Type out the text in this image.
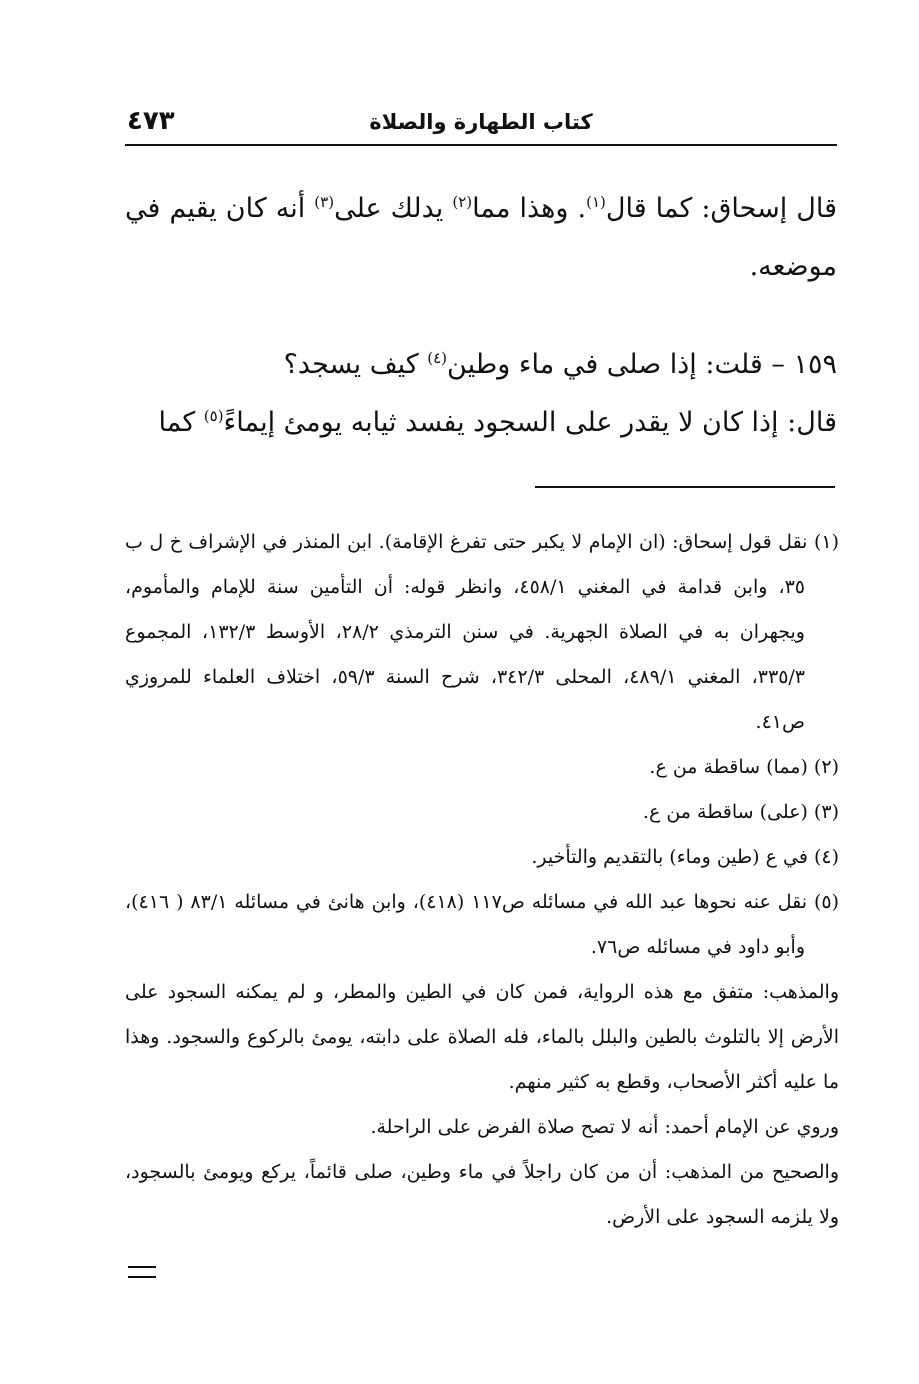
كتاب الطهارة والصلاة
٤٧٣

قال إسحاق: كما قال$^{(١)}$. وهذا مما$^{(٢)}$ يدلك على$^{(٣)}$ أنه كان يقيم في موضعه.

١٥٩ – قلت: إذا صلى في ماء وطين$^{(٤)}$ كيف يسجد؟

قال: إذا كان لا يقدر على السجود يفسد ثيابه يومئ إيماءً$^{(٥)}$ كما

(١) نقل قول إسحاق: (ان الإمام لا يكبر حتى تفرغ الإقامة). ابن المنذر في الإشراف خ ل ب ٣٥، وابن قدامة في المغني ٤٥٨/١، وانظر قوله: أن التأمين سنة للإمام والمأموم، ويجهران به في الصلاة الجهرية. في سنن الترمذي ٢٨/٢، الأوسط ١٣٢/٣، المجموع ٣٣٥/٣، المغني ٤٨٩/١، المحلى ٣٤٢/٣، شرح السنة ٥٩/٣، اختلاف العلماء للمروزي ص٤١.

(٢) (مما) ساقطة من ع.

(٣) (على) ساقطة من ع.

(٤) في ع (طين وماء) بالتقديم والتأخير.

(٥) نقل عنه نحوها عبد الله في مسائله ص١١٧ (٤١٨)، وابن هانئ في مسائله ٨٣/١ ( ٤١٦)، وأبو داود في مسائله ص٧٦.

والمذهب: متفق مع هذه الرواية، فمن كان في الطين والمطر، و لم يمكنه السجود على الأرض إلا بالتلوث بالطين والبلل بالماء، فله الصلاة على دابته، يومئ بالركوع والسجود. وهذا ما عليه أكثر الأصحاب، وقطع به كثير منهم.

وروي عن الإمام أحمد: أنه لا تصح صلاة الفرض على الراحلة.

والصحيح من المذهب: أن من كان راجلاً في ماء وطين، صلى قائماً، يركع ويومئ بالسجود، ولا يلزمه السجود على الأرض.
